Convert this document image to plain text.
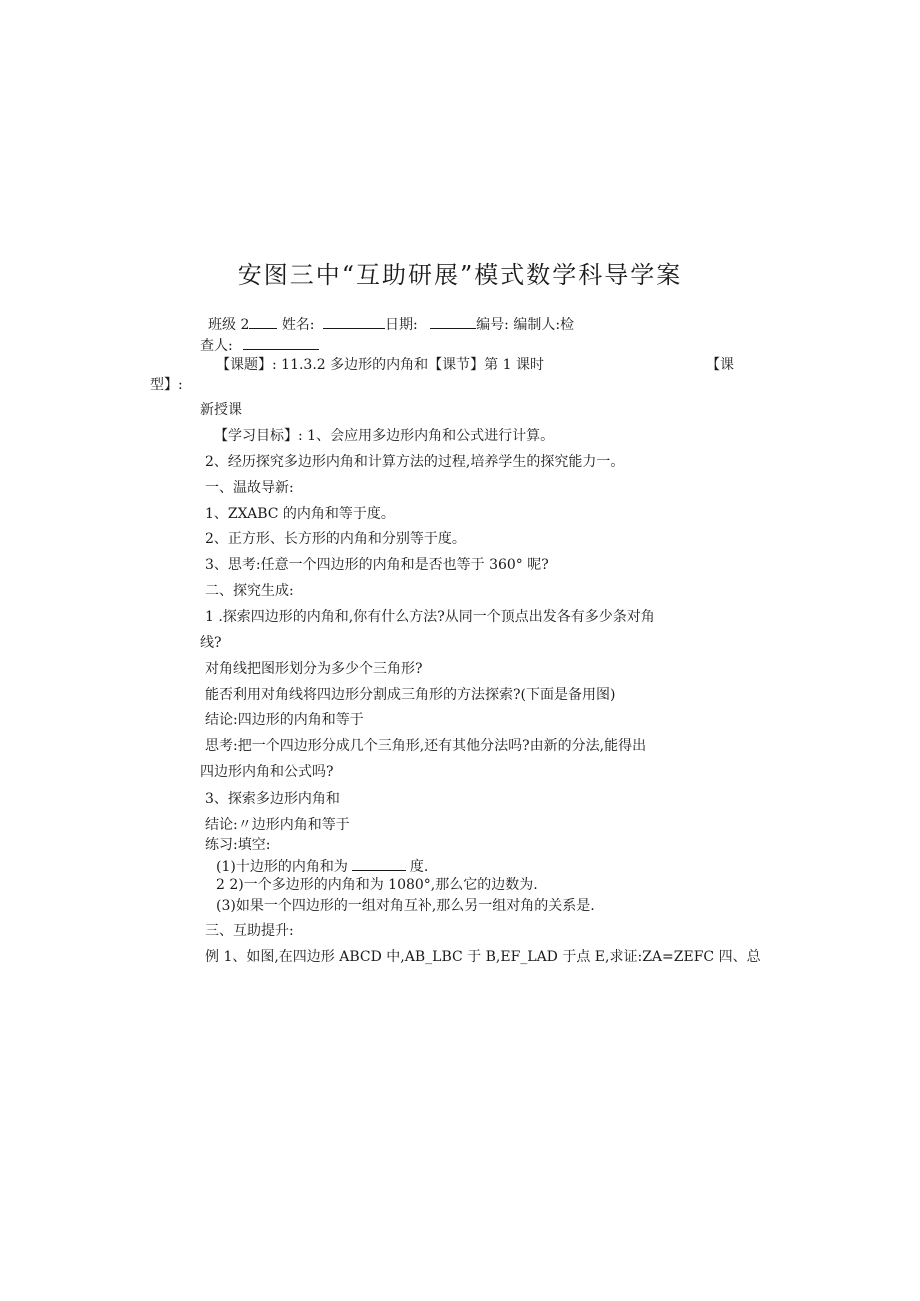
安图三中“互助研展”模式数学科导学案
班级 2 姓名:	日期:	编号: 编制人:检
查人:
【课题】: 11.3.2 多边形的内角和【课节】第 1 课时	【课
型】:
新授课
【学习目标】: 1、会应用多边形内角和公式进行计算。
2、经历探究多边形内角和计算方法的过程,培养学生的探究能力一。
一、温故导新:
1、ZXABC 的内角和等于度。
2、正方形、长方形的内角和分别等于度。
3、思考:任意一个四边形的内角和是否也等于 360° 呢?
二、探究生成:
1 .探索四边形的内角和,你有什么方法?从同一个顶点出发各有多少条对角
线?
对角线把图形划分为多少个三角形?
能否利用对角线将四边形分割成三角形的方法探索?(下面是备用图)
结论:四边形的内角和等于
思考:把一个四边形分成几个三角形,还有其他分法吗?由新的分法,能得出
四边形内角和公式吗?
3、探索多边形内角和
结论:〃边形内角和等于
练习:填空:
(1)十边形的内角和为	度.
2 2)一个多边形的内角和为 1080°,那么它的边数为.
(3)如果一个四边形的一组对角互补,那么另一组对角的关系是.
三、互助提升:
例 1、如图,在四边形 ABCD 中,AB_LBC 于 B,EF_LAD 于点 E,求证:ZA=ZEFC 四、总
